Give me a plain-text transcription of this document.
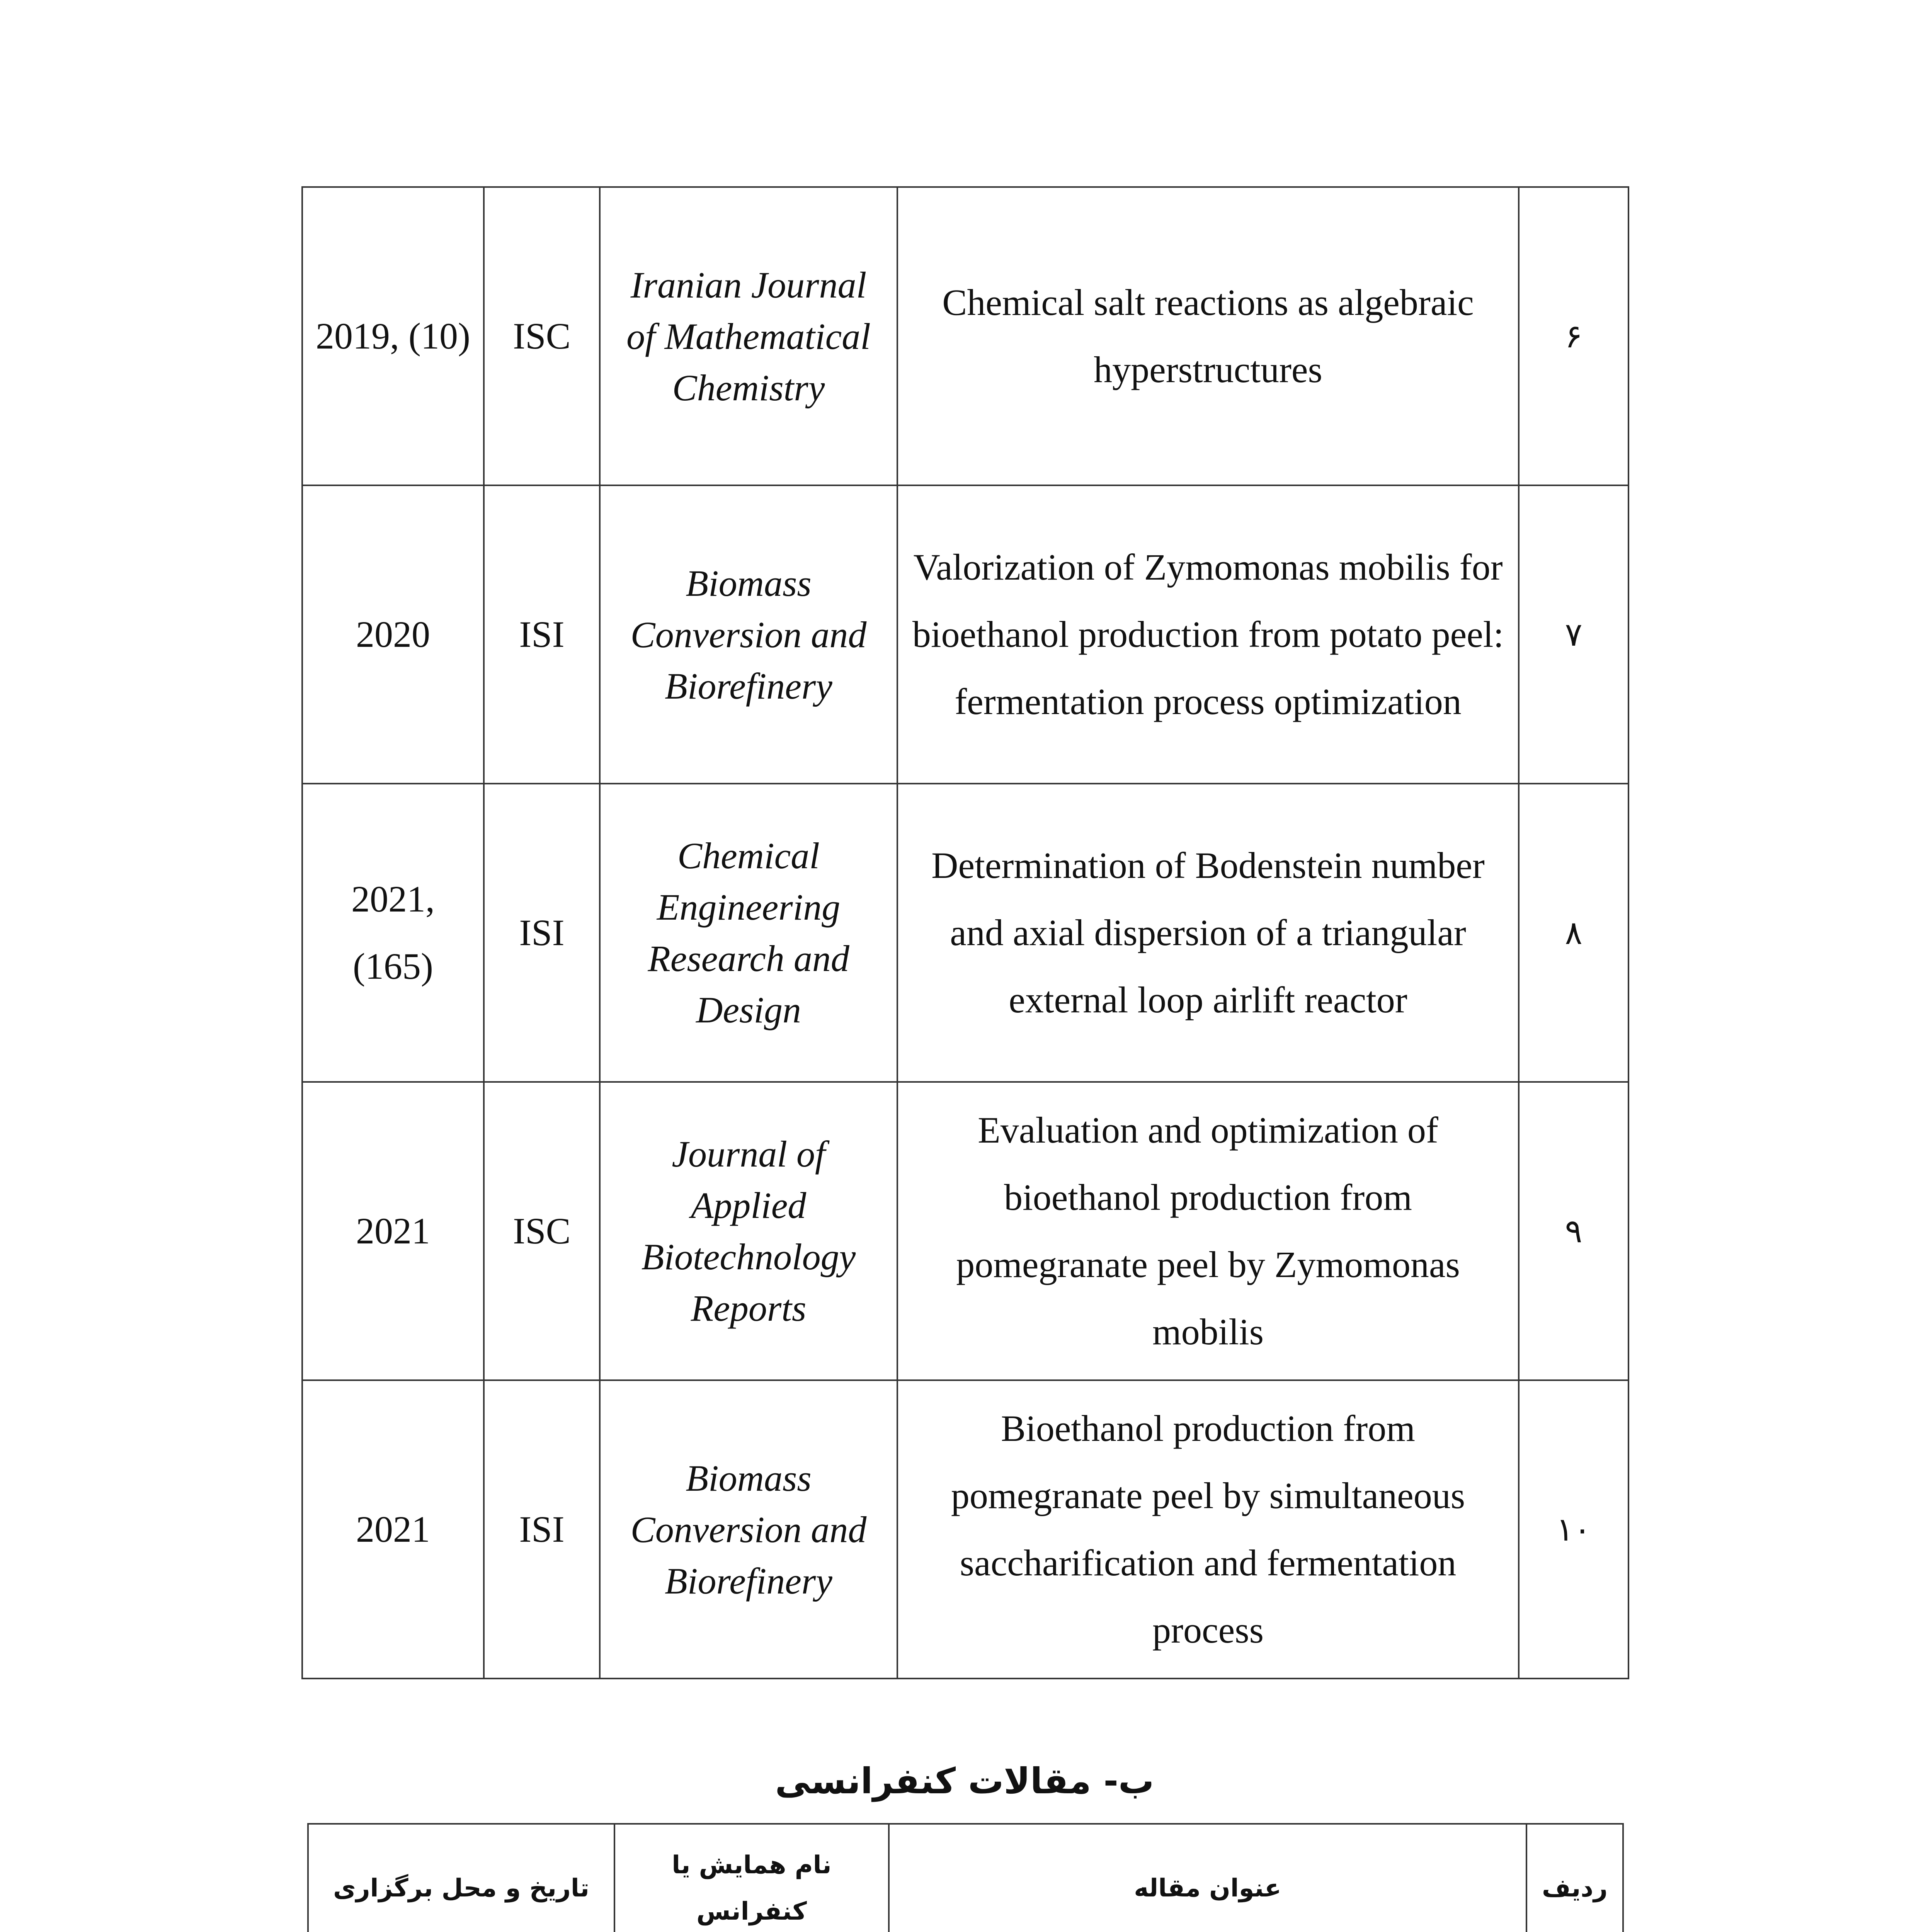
2019, (10)	ISC	Iranian Journal of Mathematical Chemistry	Chemical salt reactions as algebraic hyperstructures	۶
2020	ISI	Biomass Conversion and Biorefinery	Valorization of Zymomonas mobilis for bioethanol production from potato peel: fermentation process optimization	۷
2021, (165)	ISI	Chemical Engineering Research and Design	Determination of Bodenstein number and axial dispersion of a triangular external loop airlift reactor	۸
2021	ISC	Journal of Applied Biotechnology Reports	Evaluation and optimization of bioethanol production from pomegranate peel by Zymomonas mobilis	۹
2021	ISI	Biomass Conversion and Biorefinery	Bioethanol production from pomegranate peel by simultaneous saccharification and fermentation process	۱۰
ب- مقالات کنفرانسی
ردیف	عنوان مقاله	نام همایش یا کنفرانس	تاریخ و محل برگزاری
